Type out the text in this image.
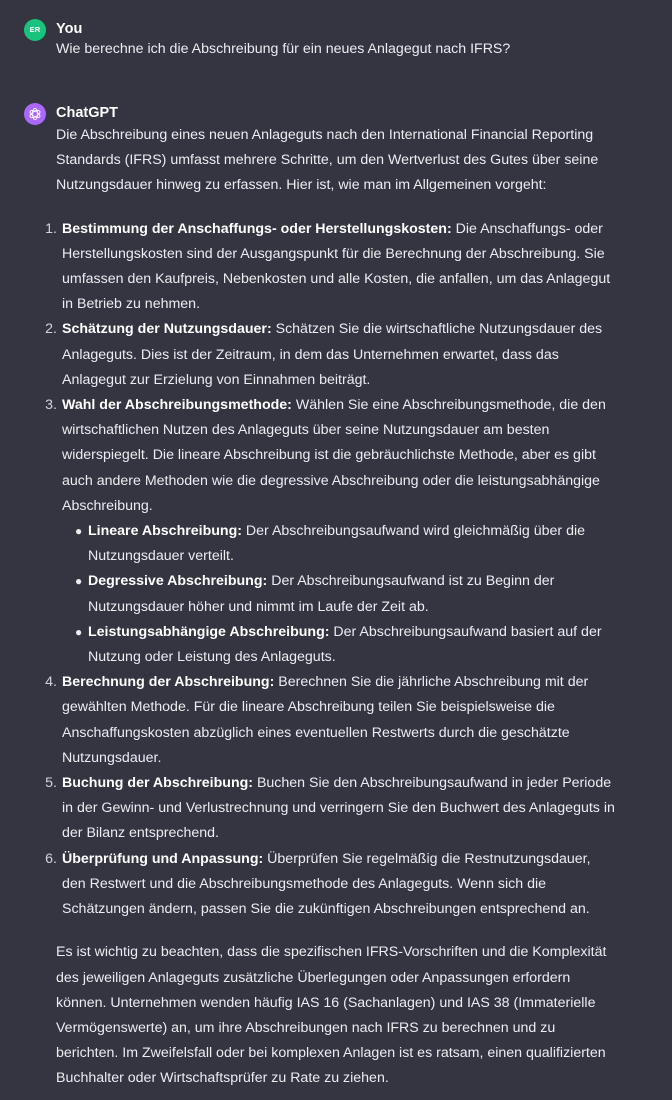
ER You
Wie berechne ich die Abschreibung für ein neues Anlagegut nach IFRS?
ChatGPT

Die Abschreibung eines neuen Anlageguts nach den International Financial Reporting Standards (IFRS) umfasst mehrere Schritte, um den Wertverlust des Gutes über seine Nutzungsdauer hinweg zu erfassen. Hier ist, wie man im Allgemeinen vorgeht:

1. Bestimmung der Anschaffungs- oder Herstellungskosten: Die Anschaffungs- oder Herstellungskosten sind der Ausgangspunkt für die Berechnung der Abschreibung. Sie umfassen den Kaufpreis, Nebenkosten und alle Kosten, die anfallen, um das Anlagegut in Betrieb zu nehmen.
2. Schätzung der Nutzungsdauer: Schätzen Sie die wirtschaftliche Nutzungsdauer des Anlageguts. Dies ist der Zeitraum, in dem das Unternehmen erwartet, dass das Anlagegut zur Erzielung von Einnahmen beiträgt.
3. Wahl der Abschreibungsmethode: Wählen Sie eine Abschreibungsmethode, die den wirtschaftlichen Nutzen des Anlageguts über seine Nutzungsdauer am besten widerspiegelt. Die lineare Abschreibung ist die gebräuchlichste Methode, aber es gibt auch andere Methoden wie die degressive Abschreibung oder die leistungsabhängige Abschreibung.
● Lineare Abschreibung: Der Abschreibungsaufwand wird gleichmäßig über die Nutzungsdauer verteilt.
● Degressive Abschreibung: Der Abschreibungsaufwand ist zu Beginn der Nutzungsdauer höher und nimmt im Laufe der Zeit ab.
● Leistungsabhängige Abschreibung: Der Abschreibungsaufwand basiert auf der Nutzung oder Leistung des Anlageguts.
4. Berechnung der Abschreibung: Berechnen Sie die jährliche Abschreibung mit der gewählten Methode. Für die lineare Abschreibung teilen Sie beispielsweise die Anschaffungskosten abzüglich eines eventuellen Restwerts durch die geschätzte Nutzungsdauer.
5. Buchung der Abschreibung: Buchen Sie den Abschreibungsaufwand in jeder Periode in der Gewinn- und Verlustrechnung und verringern Sie den Buchwert des Anlageguts in der Bilanz entsprechend.
6. Überprüfung und Anpassung: Überprüfen Sie regelmäßig die Restnutzungsdauer, den Restwert und die Abschreibungsmethode des Anlageguts. Wenn sich die Schätzungen ändern, passen Sie die zukünftigen Abschreibungen entsprechend an.

Es ist wichtig zu beachten, dass die spezifischen IFRS-Vorschriften und die Komplexität des jeweiligen Anlageguts zusätzliche Überlegungen oder Anpassungen erfordern können. Unternehmen wenden häufig IAS 16 (Sachanlagen) und IAS 38 (Immaterielle Vermögenswerte) an, um ihre Abschreibungen nach IFRS zu berechnen und zu berichten. Im Zweifelsfall oder bei komplexen Anlagen ist es ratsam, einen qualifizierten Buchhalter oder Wirtschaftsprüfer zu Rate zu ziehen.
